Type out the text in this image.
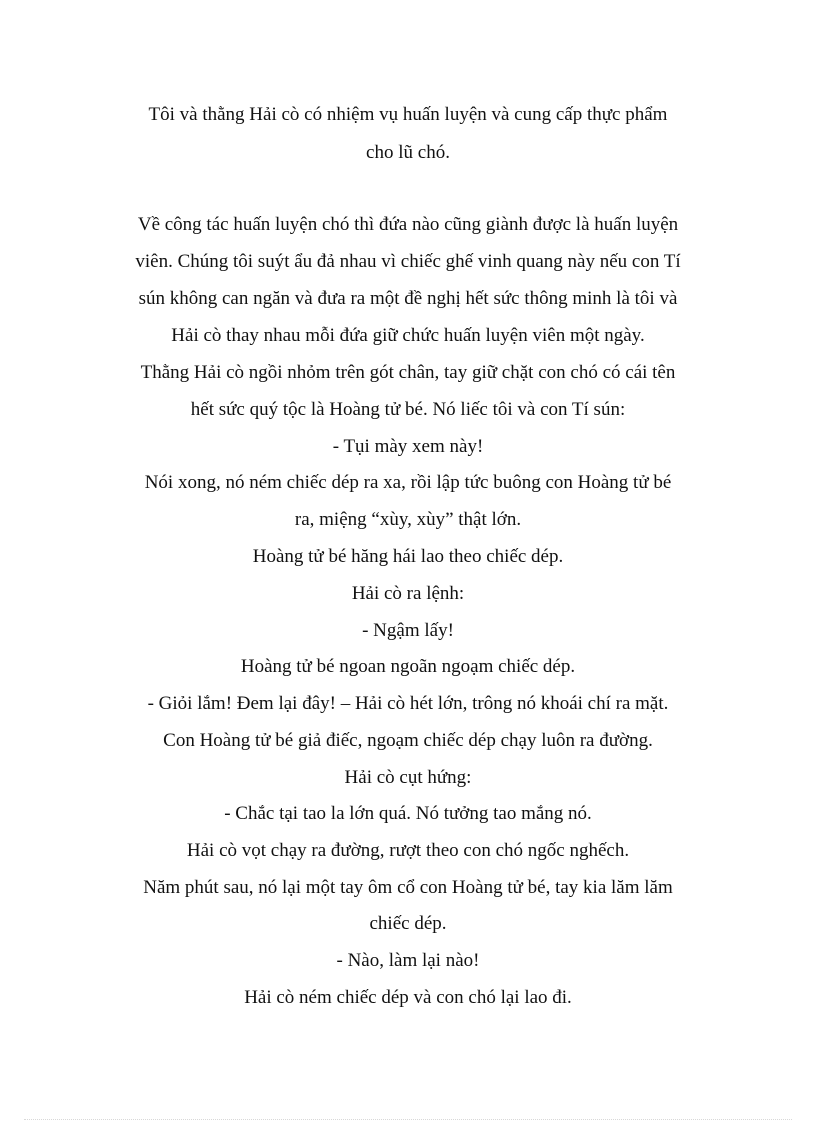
Tôi và thằng Hải cò có nhiệm vụ huấn luyện và cung cấp thực phẩm
cho lũ chó.
Về công tác huấn luyện chó thì đứa nào cũng giành được là huấn luyện
viên. Chúng tôi suýt ẩu đả nhau vì chiếc ghế vinh quang này nếu con Tí
sún không can ngăn và đưa ra một đề nghị hết sức thông minh là tôi và
Hải cò thay nhau mỗi đứa giữ chức huấn luyện viên một ngày.
Thằng Hải cò ngồi nhỏm trên gót chân, tay giữ chặt con chó có cái tên
hết sức quý tộc là Hoàng tử bé. Nó liếc tôi và con Tí sún:
- Tụi mày xem này!
Nói xong, nó ném chiếc dép ra xa, rồi lập tức buông con Hoàng tử bé
ra, miệng “xùy, xùy” thật lớn.
Hoàng tử bé hăng hái lao theo chiếc dép.
Hải cò ra lệnh:
- Ngậm lấy!
Hoàng tử bé ngoan ngoãn ngoạm chiếc dép.
- Giỏi lắm! Đem lại đây! – Hải cò hét lớn, trông nó khoái chí ra mặt.
Con Hoàng tử bé giả điếc, ngoạm chiếc dép chạy luôn ra đường.
Hải cò cụt hứng:
- Chắc tại tao la lớn quá. Nó tưởng tao mắng nó.
Hải cò vọt chạy ra đường, rượt theo con chó ngốc nghếch.
Năm phút sau, nó lại một tay ôm cổ con Hoàng tử bé, tay kia lăm lăm
chiếc dép.
- Nào, làm lại nào!
Hải cò ném chiếc dép và con chó lại lao đi.
